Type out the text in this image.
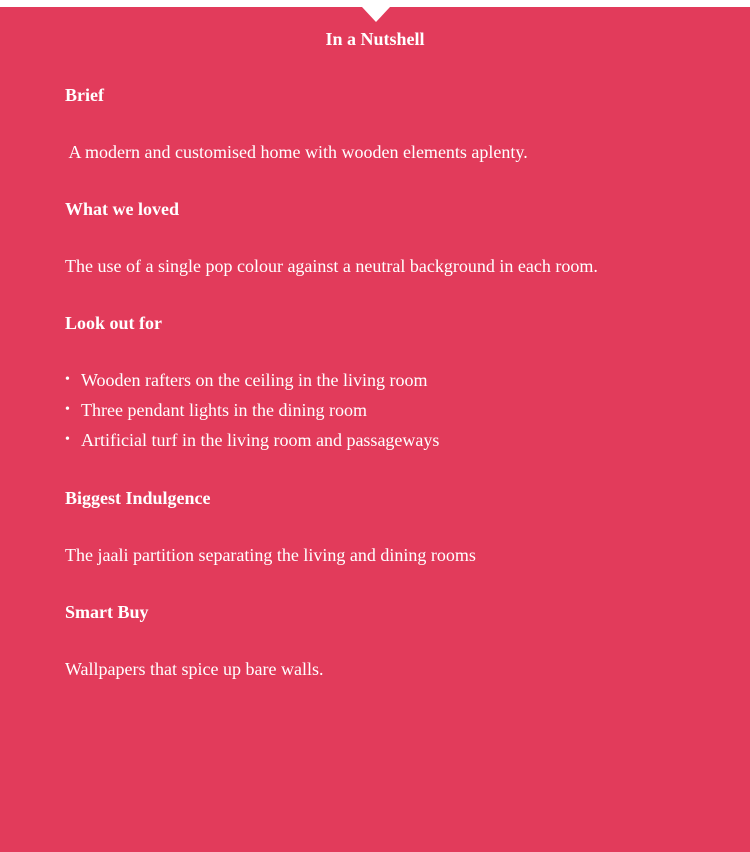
In a Nutshell

Brief

A modern and customised home with wooden elements aplenty.

What we loved

The use of a single pop colour against a neutral background in each room.

Look out for

• Wooden rafters on the ceiling in the living room
• Three pendant lights in the dining room
• Artificial turf in the living room and passageways

Biggest Indulgence

The jaali partition separating the living and dining rooms

Smart Buy

Wallpapers that spice up bare walls.
